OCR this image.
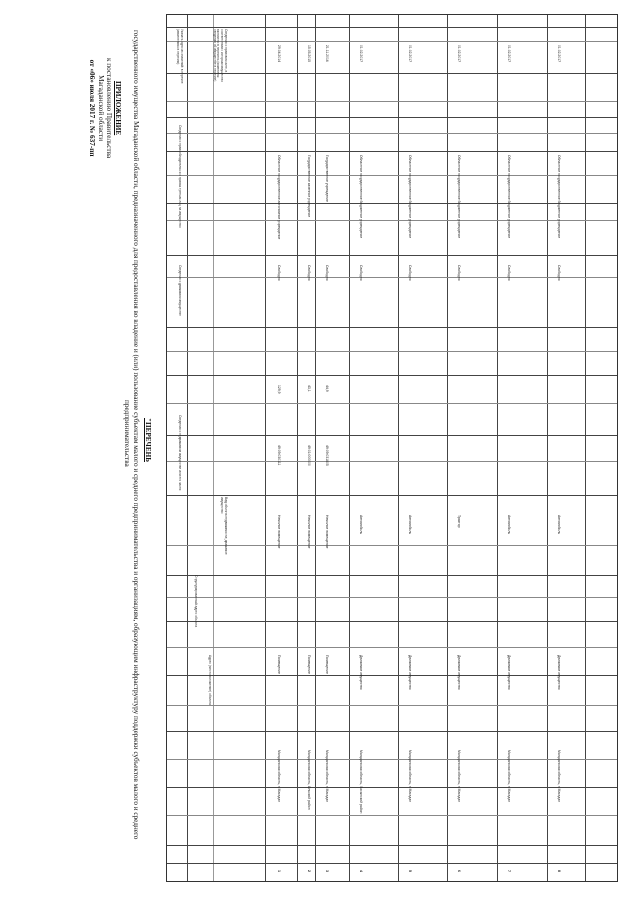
ПРИЛОЖЕНИЕ
к постановлению Правительства
Магаданской области
от «06» июля 2017 г. № 637-пп
"ПЕРЕЧЕНЬ
государственного имущества Магаданской области, предназначенного для предоставления во владение и (или) пользование субъектам малого и среднего предпринимательства и организациям, образующим инфраструктуру поддержки субъектов малого и среднего
предпринимательства
Адрес (местоположение) объекта
Структурированный адрес объекта
Вид объекта недвижимости; движимое имущество
Сведения о недвижимом имуществе или его части
Сведения о движимом имуществе
Сведения о правообладателях и о правах третьих лиц на имущество
Указать одно из значений: в перечне (изменениях в перечни)	Сведения о правовом акте, в соответствии с которым имущество включено в перечень (изменены сведения об имуществе в перечне)
1
Магаданская область, г. Магадан
Помещение
Нежилое помещение
49:09:030111
129,9
Свободно
Областное государственное автономное учреждение
29.04.2014
2
Магаданская область, Ольский район
Помещение
Нежилое помещение
49:01:000000
43,1
Свободно
Государственное казенное учреждение
15.05.2015
3
Магаданская область, г. Магадан
Помещение
Нежилое помещение
49:09:031805
44,9
Свободно
Государственное учреждение
21.11.2016
4
Магаданская область, Хасынский район
Движимое имущество
Автомобиль
Свободно
Областное государственное бюджетное учреждение
01.02.2017
5
Магаданская область, г. Магадан
Движимое имущество
Автомобиль
Свободно
Областное государственное бюджетное учреждение
01.02.2017
6
Магаданская область, г. Магадан
Движимое имущество
Трактор
Свободно
Областное государственное бюджетное учреждение
01.02.2017
7
Магаданская область, г. Магадан
Движимое имущество
Автомобиль
Свободно
Областное государственное бюджетное учреждение
01.02.2017
8
Магаданская область, г. Магадан
Движимое имущество
Автомобиль
Свободно
Областное государственное бюджетное учреждение
01.02.2017
